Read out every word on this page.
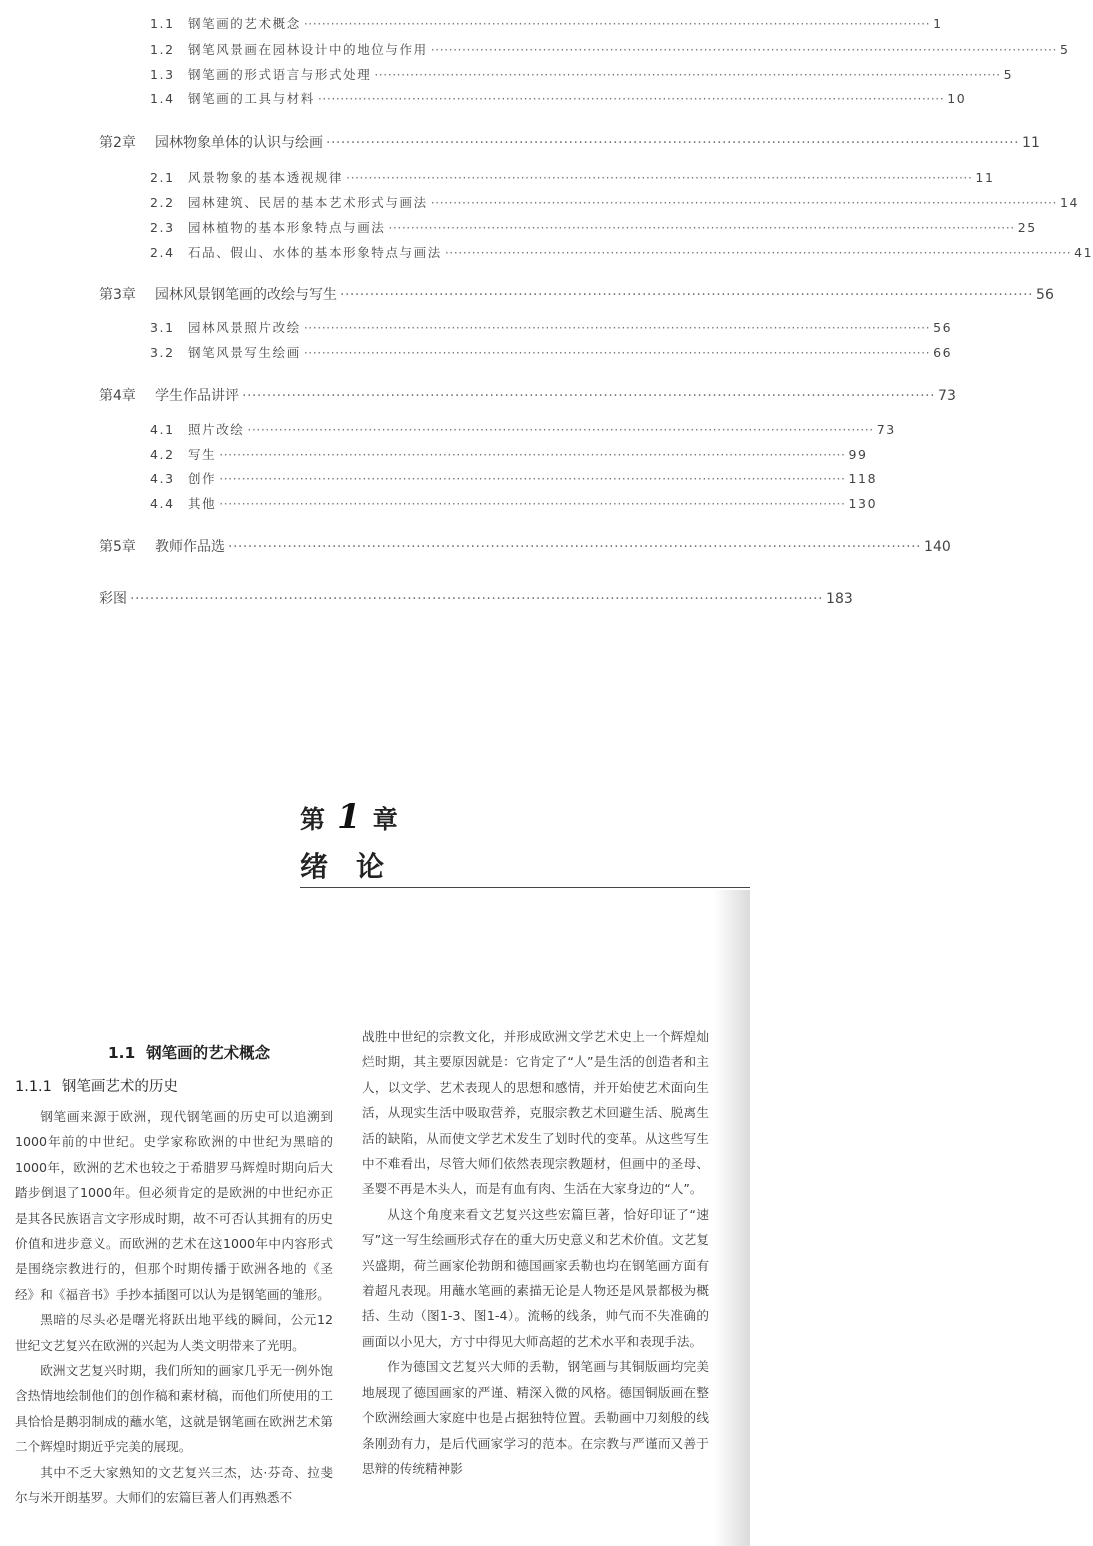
1.1	钢笔画的艺术概念 ············································································································································ 1
1.2	钢笔风景画在园林设计中的地位与作用 ············································································································································ 5
1.3	钢笔画的形式语言与形式处理 ············································································································································ 5
1.4	钢笔画的工具与材料 ············································································································································ 10
第2章	园林物象单体的认识与绘画 ············································································································································ 11
2.1	风景物象的基本透视规律 ············································································································································ 11
2.2	园林建筑、民居的基本艺术形式与画法 ············································································································································ 14
2.3	园林植物的基本形象特点与画法 ············································································································································ 25
2.4	石品、假山、水体的基本形象特点与画法 ············································································································································ 41
第3章	园林风景钢笔画的改绘与写生 ············································································································································ 56
3.1	园林风景照片改绘 ············································································································································ 56
3.2	钢笔风景写生绘画 ············································································································································ 66
第4章	学生作品讲评 ············································································································································ 73
4.1	照片改绘 ············································································································································ 73
4.2	写生 ············································································································································ 99
4.3	创作 ············································································································································ 118
4.4	其他 ············································································································································ 130
第5章	教师作品选 ············································································································································ 140
彩图 ············································································································································ 183
第 1 章
绪论
1.1 钢笔画的艺术概念
1.1.1 钢笔画艺术的历史

钢笔画来源于欧洲，现代钢笔画的历史可以追溯到1000年前的中世纪。史学家称欧洲的中世纪为黑暗的1000年，欧洲的艺术也较之于希腊罗马辉煌时期向后大踏步倒退了1000年。但必须肯定的是欧洲的中世纪亦正是其各民族语言文字形成时期，故不可否认其拥有的历史价值和进步意义。而欧洲的艺术在这1000年中内容形式是围绕宗教进行的，但那个时期传播于欧洲各地的《圣经》和《福音书》手抄本插图可以认为是钢笔画的雏形。

黑暗的尽头必是曙光将跃出地平线的瞬间，公元12世纪文艺复兴在欧洲的兴起为人类文明带来了光明。

欧洲文艺复兴时期，我们所知的画家几乎无一例外饱含热情地绘制他们的创作稿和素材稿，而他们所使用的工具恰恰是鹅羽制成的蘸水笔，这就是钢笔画在欧洲艺术第二个辉煌时期近乎完美的展现。

其中不乏大家熟知的文艺复兴三杰，达·芬奇、拉斐尔与米开朗基罗。大师们的宏篇巨著人们再熟悉不

战胜中世纪的宗教文化，并形成欧洲文学艺术史上一个辉煌灿烂时期，其主要原因就是：它肯定了“人”是生活的创造者和主人，以文学、艺术表现人的思想和感情，并开始使艺术面向生活，从现实生活中吸取营养，克服宗教艺术回避生活、脱离生活的缺陷，从而使文学艺术发生了划时代的变革。从这些写生中不难看出，尽管大师们依然表现宗教题材，但画中的圣母、圣婴不再是木头人，而是有血有肉、生活在大家身边的“人”。

从这个角度来看文艺复兴这些宏篇巨著，恰好印证了“速写”这一写生绘画形式存在的重大历史意义和艺术价值。文艺复兴盛期，荷兰画家伦勃朗和德国画家丢勒也均在钢笔画方面有着超凡表现。用蘸水笔画的素描无论是人物还是风景都极为概括、生动（图1-3、图1-4）。流畅的线条，帅气而不失准确的画面以小见大，方寸中得见大师高超的艺术水平和表现手法。

作为德国文艺复兴大师的丢勒，钢笔画与其铜版画均完美地展现了德国画家的严谨、精深入微的风格。德国铜版画在整个欧洲绘画大家庭中也是占据独特位置。丢勒画中刀刻般的线条刚劲有力，是后代画家学习的范本。在宗教与严谨而又善于思辩的传统精神影
